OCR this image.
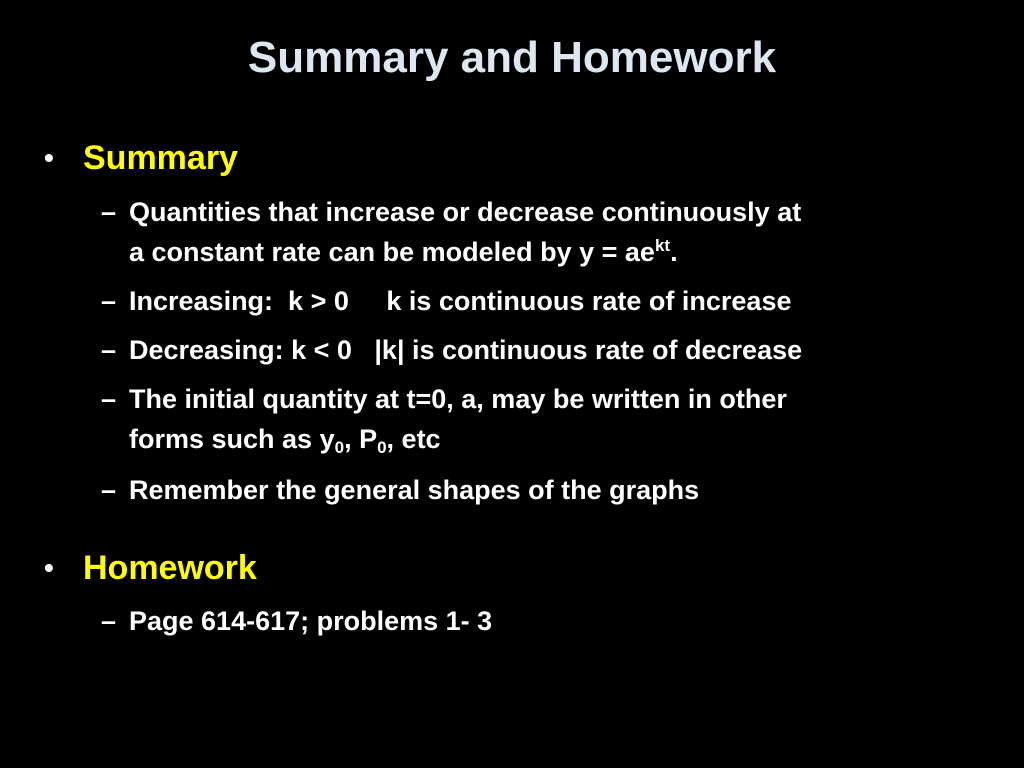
Summary and Homework
• Summary
– Quantities that increase or decrease continuously at
a constant rate can be modeled by $y = ae^{kt}$.
– Increasing:  k > 0     k is continuous rate of increase
– Decreasing: k < 0   |k| is continuous rate of decrease
– The initial quantity at t=0, a, may be written in other
forms such as $y_0$, $P_0$, etc
– Remember the general shapes of the graphs
• Homework
– Page 614-617; problems 1- 3
